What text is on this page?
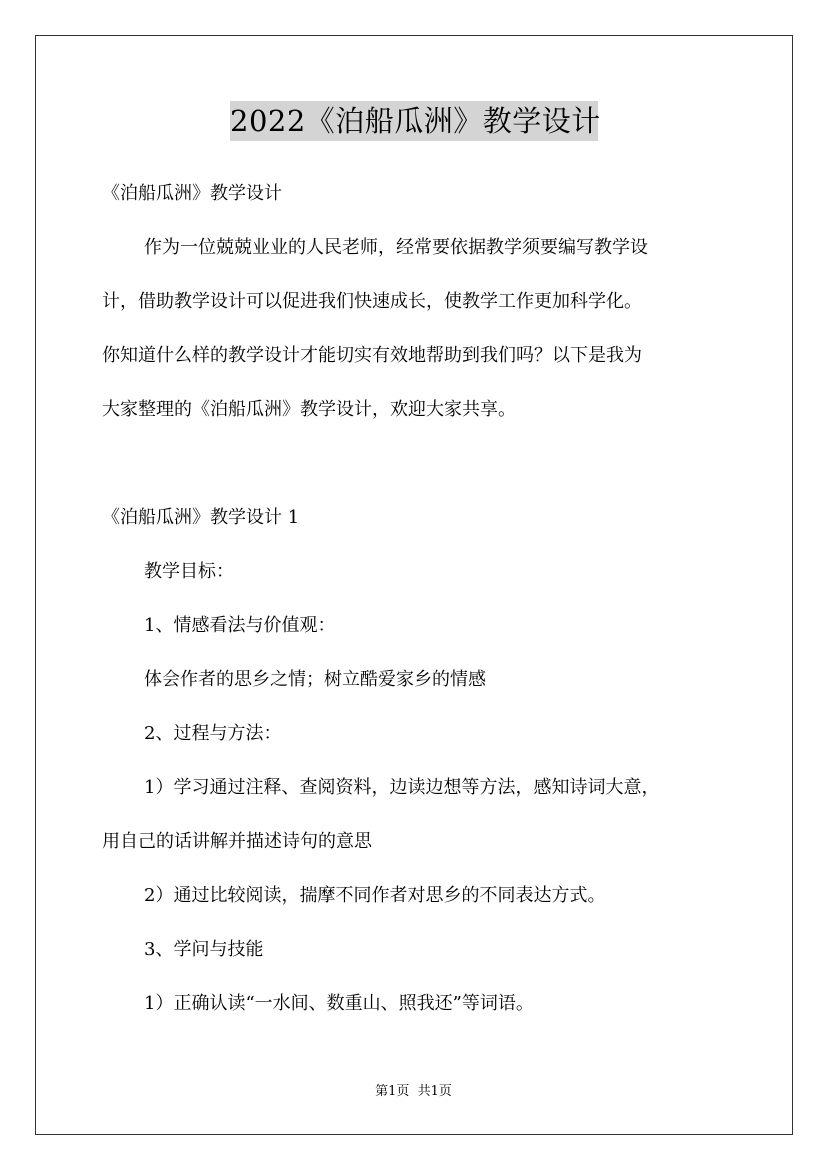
2022《泊船瓜洲》教学设计
《泊船瓜洲》教学设计
作为一位兢兢业业的人民老师，经常要依据教学须要编写教学设
计，借助教学设计可以促进我们快速成长，使教学工作更加科学化。
你知道什么样的教学设计才能切实有效地帮助到我们吗？以下是我为
大家整理的《泊船瓜洲》教学设计，欢迎大家共享。
《泊船瓜洲》教学设计 1
教学目标：
1、情感看法与价值观：
体会作者的思乡之情；树立酷爱家乡的情感
2、过程与方法：
1）学习通过注释、查阅资料，边读边想等方法，感知诗词大意，
用自己的话讲解并描述诗句的意思
2）通过比较阅读，揣摩不同作者对思乡的不同表达方式。
3、学问与技能
1）正确认读“一水间、数重山、照我还”等词语。
第1页  共1页
